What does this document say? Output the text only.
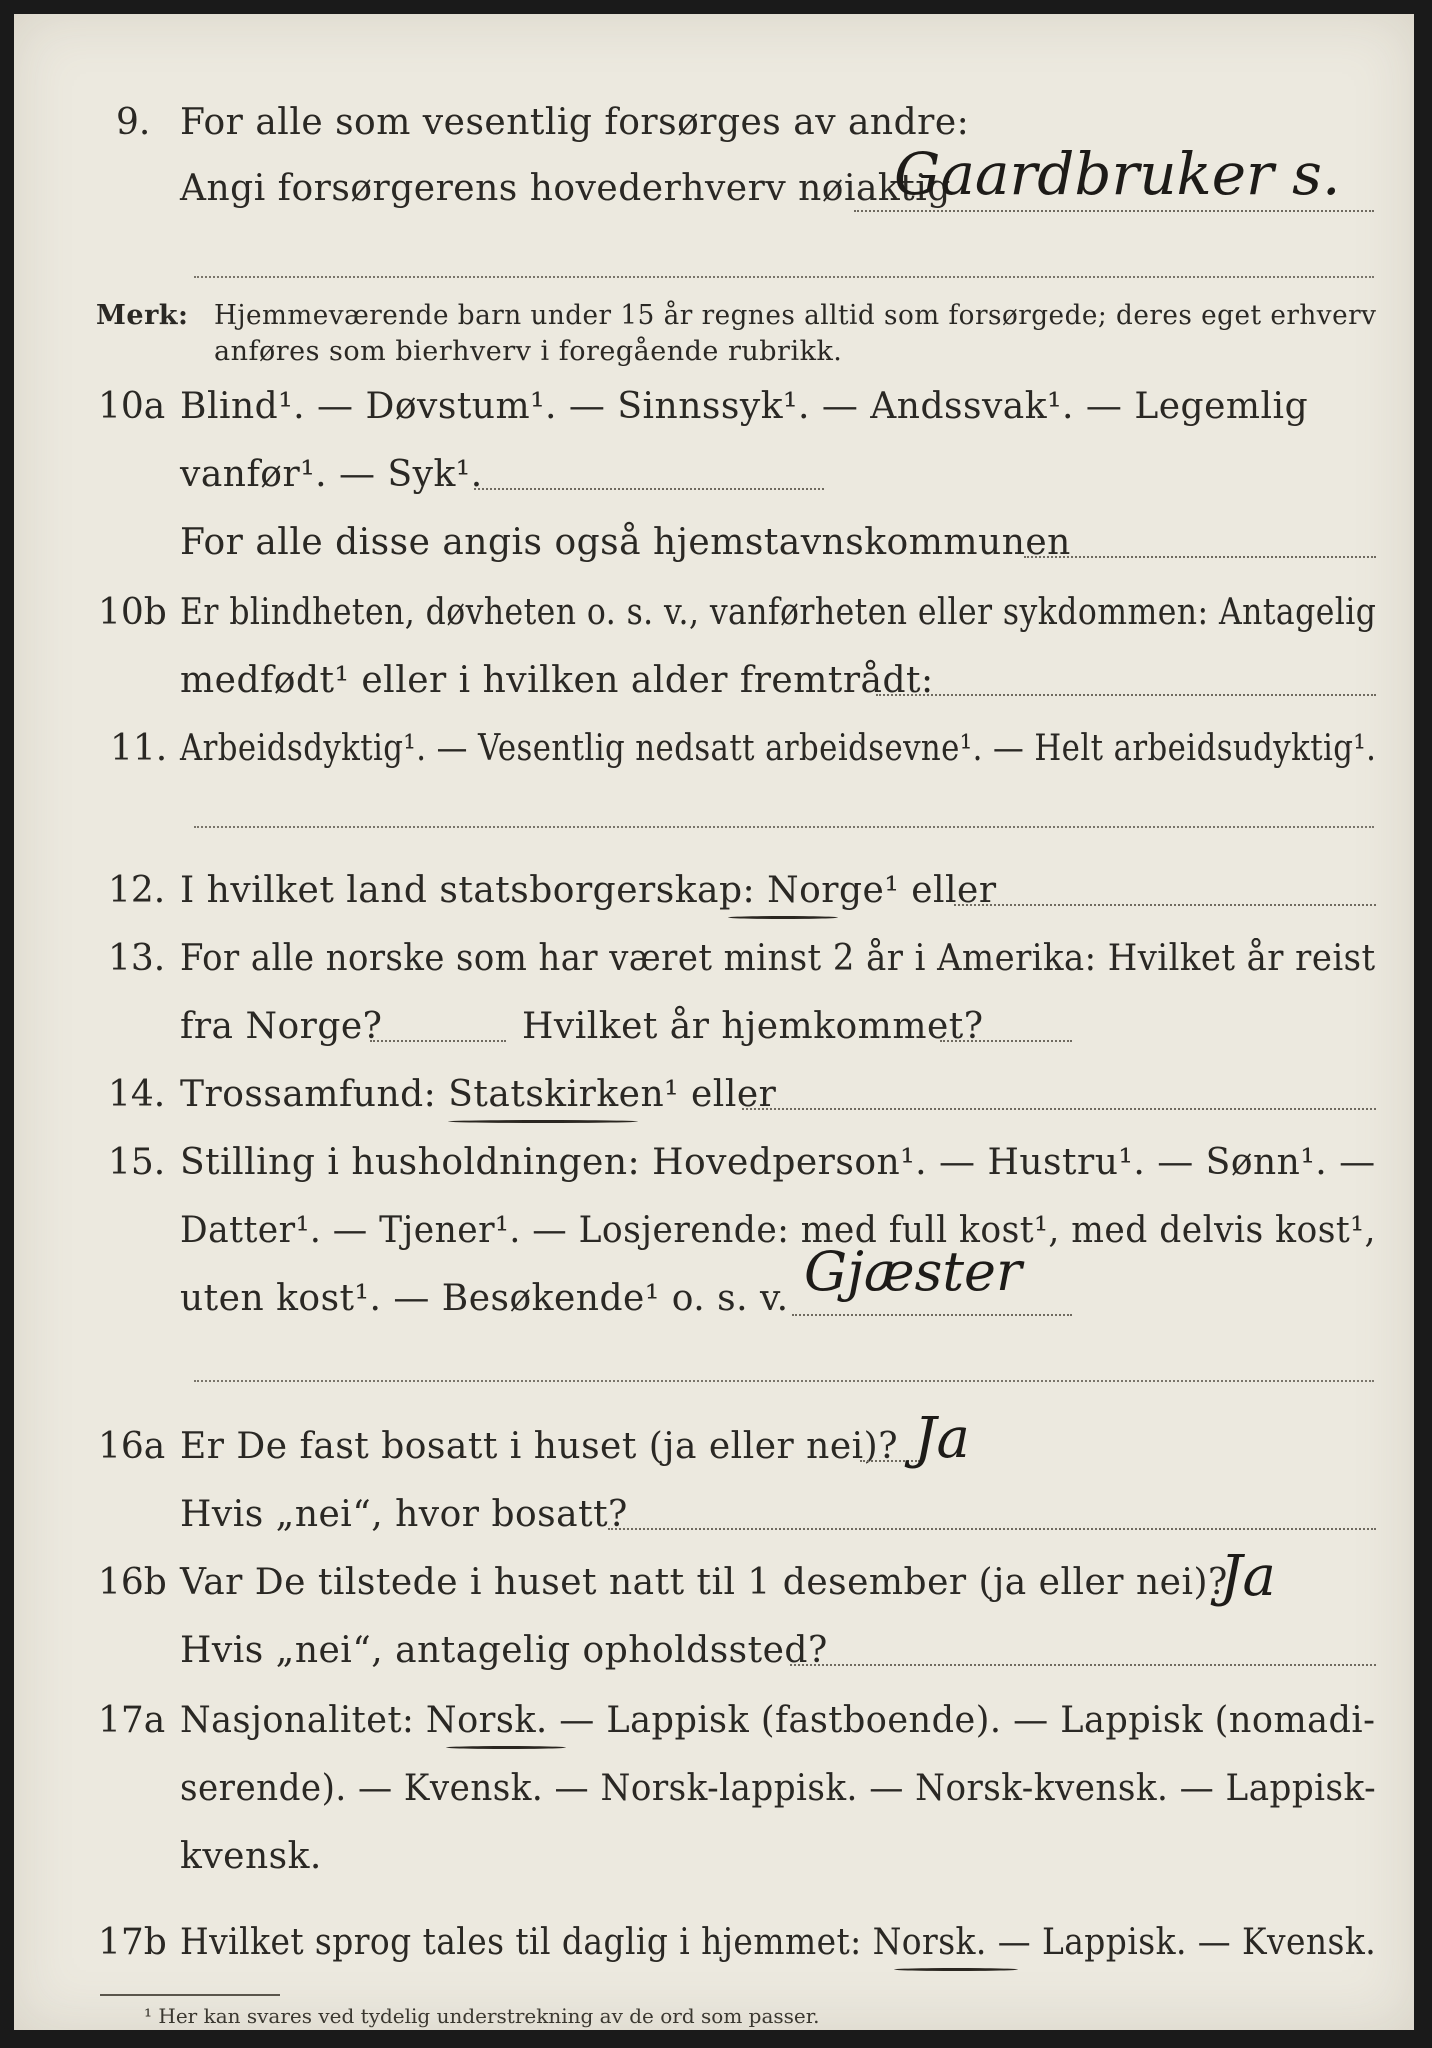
9. For alle som vesentlig forsørges av andre:
Angi forsørgerens hovederhverv nøiaktig
Gaardbruker s.
Merk: Hjemmeværende barn under 15 år regnes alltid som forsørgede; deres eget erhverv
anføres som bierhverv i foregående rubrikk.
10a Blind¹. — Døvstum¹. — Sinnssyk¹. — Andssvak¹. — Legemlig
vanfør¹. — Syk¹.
For alle disse angis også hjemstavnskommunen
10b Er blindheten, døvheten o. s. v., vanførheten eller sykdommen: Antagelig
medfødt¹ eller i hvilken alder fremtrådt:
11. Arbeidsdyktig¹. — Vesentlig nedsatt arbeidsevne¹. — Helt arbeidsudyktig¹.
12. I hvilket land statsborgerskap: Norge¹ eller
13. For alle norske som har været minst 2 år i Amerika: Hvilket år reist
fra Norge?	Hvilket år hjemkommet?
14. Trossamfund: Statskirken¹ eller
15. Stilling i husholdningen: Hovedperson¹. — Hustru¹. — Sønn¹. —
Datter¹. — Tjener¹. — Losjerende: med full kost¹, med delvis kost¹,
uten kost¹. — Besøkende¹ o. s. v. Gjæster
16a Er De fast bosatt i huset (ja eller nei)? Ja
Hvis „nei“, hvor bosatt?
16b Var De tilstede i huset natt til 1 desember (ja eller nei)?
Ja
Hvis „nei“, antagelig opholdssted?
17a Nasjonalitet: Norsk. — Lappisk (fastboende). — Lappisk (nomadi-
serende). — Kvensk. — Norsk-lappisk. — Norsk-kvensk. — Lappisk-
kvensk.
17b Hvilket sprog tales til daglig i hjemmet: Norsk. — Lappisk. — Kvensk.
¹ Her kan svares ved tydelig understrekning av de ord som passer.
